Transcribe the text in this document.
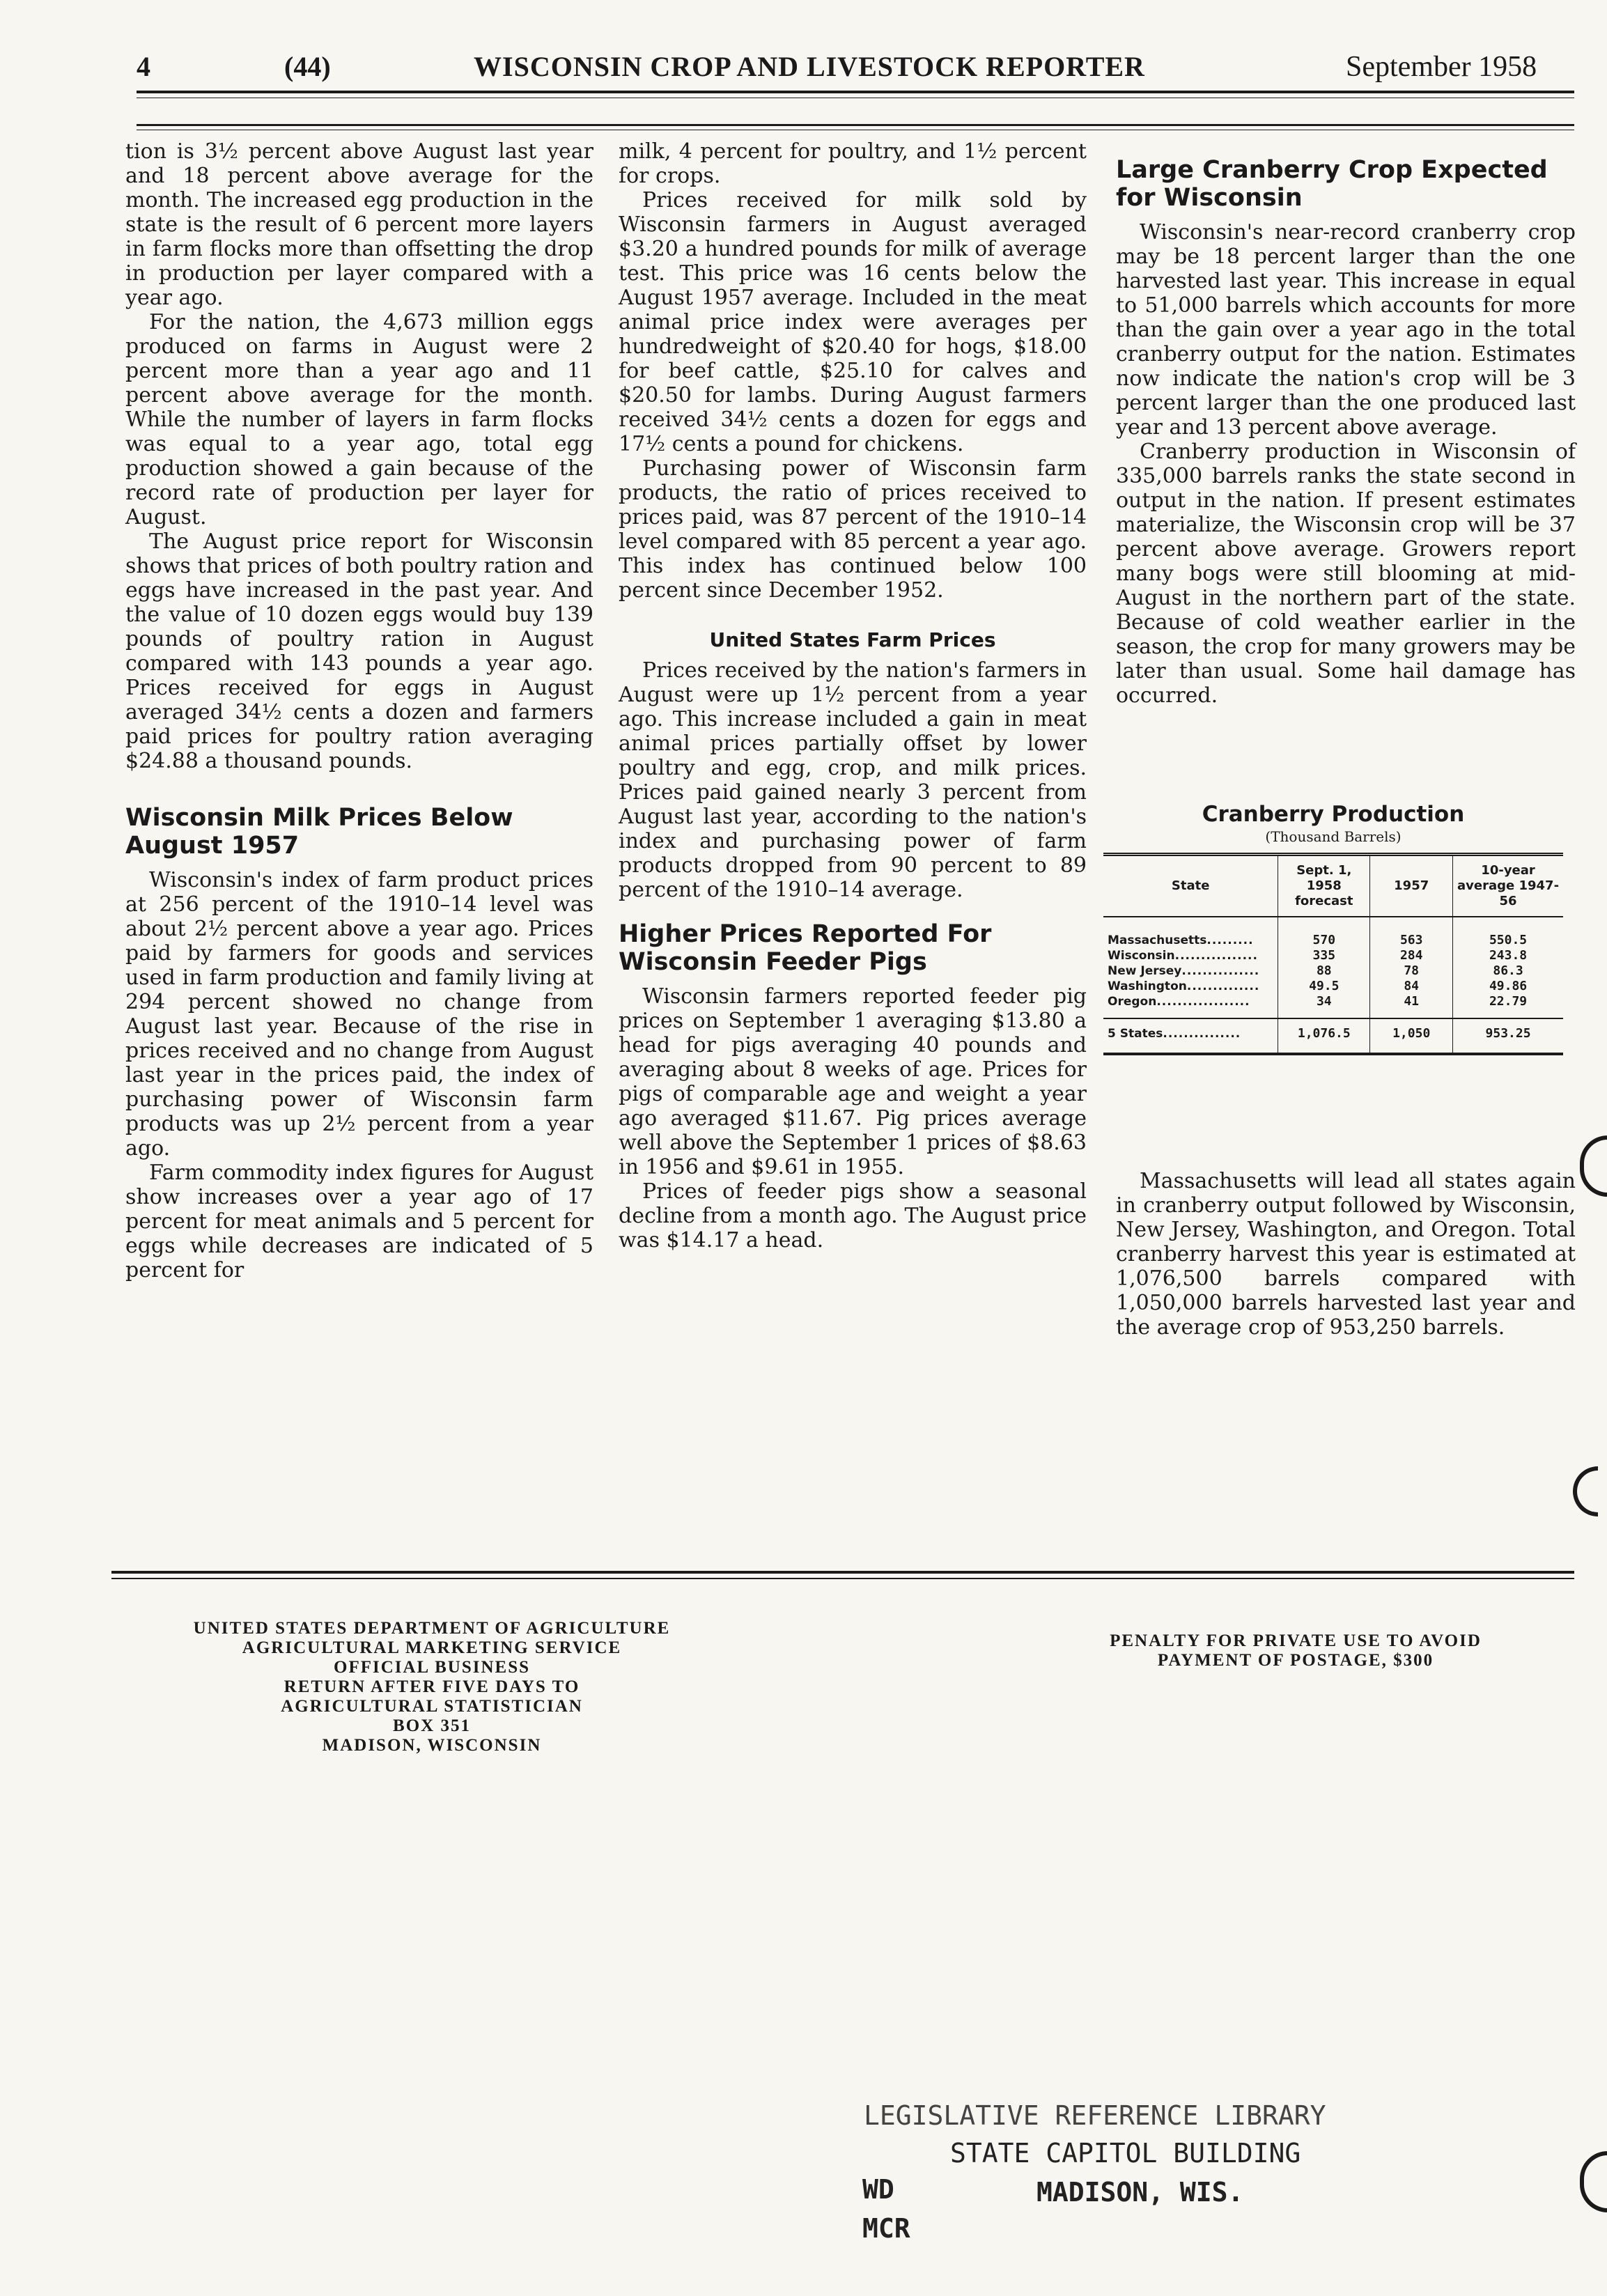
4	(44)	WISCONSIN CROP AND LIVESTOCK REPORTER	September 1958

tion is 3½ percent above August last year and 18 percent above average for the month. The increased egg production in the state is the result of 6 percent more layers in farm flocks more than offsetting the drop in production per layer compared with a year ago.

For the nation, the 4,673 million eggs produced on farms in August were 2 percent more than a year ago and 11 percent above average for the month. While the number of layers in farm flocks was equal to a year ago, total egg production showed a gain because of the record rate of production per layer for August.

The August price report for Wisconsin shows that prices of both poultry ration and eggs have increased in the past year. And the value of 10 dozen eggs would buy 139 pounds of poultry ration in August compared with 143 pounds a year ago. Prices received for eggs in August averaged 34½ cents a dozen and farmers paid prices for poultry ration averaging $24.88 a thousand pounds.

Wisconsin Milk Prices Below August 1957

Wisconsin's index of farm product prices at 256 percent of the 1910–14 level was about 2½ percent above a year ago. Prices paid by farmers for goods and services used in farm production and family living at 294 percent showed no change from August last year. Because of the rise in prices received and no change from August last year in the prices paid, the index of purchasing power of Wisconsin farm products was up 2½ percent from a year ago.

Farm commodity index figures for August show increases over a year ago of 17 percent for meat animals and 5 percent for eggs while decreases are indicated of 5 percent for

milk, 4 percent for poultry, and 1½ percent for crops.

Prices received for milk sold by Wisconsin farmers in August averaged $3.20 a hundred pounds for milk of average test. This price was 16 cents below the August 1957 average. Included in the meat animal price index were averages per hundredweight of $20.40 for hogs, $18.00 for beef cattle, $25.10 for calves and $20.50 for lambs. During August farmers received 34½ cents a dozen for eggs and 17½ cents a pound for chickens.

Purchasing power of Wisconsin farm products, the ratio of prices received to prices paid, was 87 percent of the 1910–14 level compared with 85 percent a year ago. This index has continued below 100 percent since December 1952.

United States Farm Prices

Prices received by the nation's farmers in August were up 1½ percent from a year ago. This increase included a gain in meat animal prices partially offset by lower poultry and egg, crop, and milk prices. Prices paid gained nearly 3 percent from August last year, according to the nation's index and purchasing power of farm products dropped from 90 percent to 89 percent of the 1910–14 average.

Higher Prices Reported For Wisconsin Feeder Pigs

Wisconsin farmers reported feeder pig prices on September 1 averaging $13.80 a head for pigs averaging 40 pounds and averaging about 8 weeks of age. Prices for pigs of comparable age and weight a year ago averaged $11.67. Pig prices average well above the September 1 prices of $8.63 in 1956 and $9.61 in 1955.

Prices of feeder pigs show a seasonal decline from a month ago. The August price was $14.17 a head.

Large Cranberry Crop Expected for Wisconsin

Wisconsin's near-record cranberry crop may be 18 percent larger than the one harvested last year. This increase in equal to 51,000 barrels which accounts for more than the gain over a year ago in the total cranberry output for the nation. Estimates now indicate the nation's crop will be 3 percent larger than the one produced last year and 13 percent above average.

Cranberry production in Wisconsin of 335,000 barrels ranks the state second in output in the nation. If present estimates materialize, the Wisconsin crop will be 37 percent above average. Growers report many bogs were still blooming at mid-August in the northern part of the state. Because of cold weather earlier in the season, the crop for many growers may be later than usual. Some hail damage has occurred.

Cranberry Production
(Thousand Barrels)
State	Sept. 1, 1958 forecast	1957	10-year average 1947-56
Massachusetts.........	570	563	550.5
Wisconsin................	335	284	243.8
New Jersey...............	88	78	86.3
Washington..............	49.5	84	49.86
Oregon..................	34	41	22.79
5 States...............	1,076.5	1,050	953.25

Massachusetts will lead all states again in cranberry output followed by Wisconsin, New Jersey, Washington, and Oregon. Total cranberry harvest this year is estimated at 1,076,500 barrels compared with 1,050,000 barrels harvested last year and the average crop of 953,250 barrels.

UNITED STATES DEPARTMENT OF AGRICULTURE
AGRICULTURAL MARKETING SERVICE
OFFICIAL BUSINESS
RETURN AFTER FIVE DAYS TO
AGRICULTURAL STATISTICIAN
BOX 351
MADISON, WISCONSIN
PENALTY FOR PRIVATE USE TO AVOID
PAYMENT OF POSTAGE, $300
LEGISLATIVE REFERENCE LIBRARY
STATE CAPITOL BUILDING
WD
MCR
MADISON, WIS.
